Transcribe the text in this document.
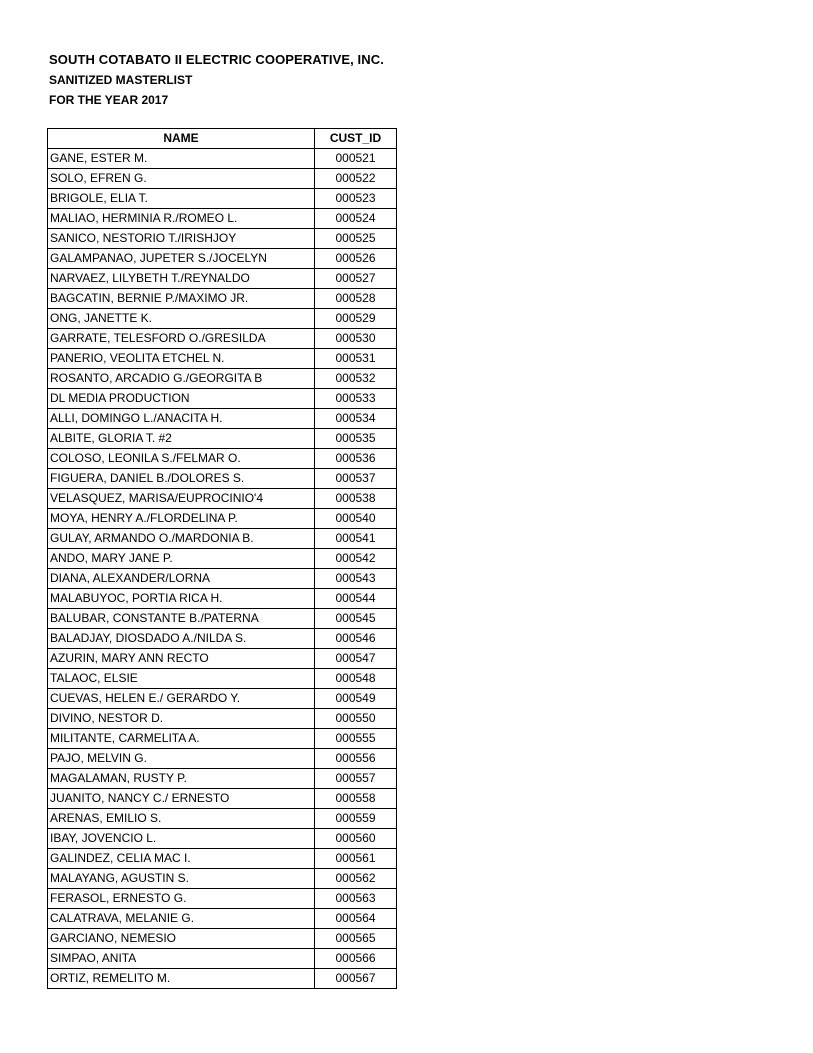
SOUTH COTABATO II ELECTRIC COOPERATIVE, INC.
SANITIZED MASTERLIST
FOR THE YEAR 2017
NAME	CUST_ID
GANE, ESTER M.	000521
SOLO, EFREN G.	000522
BRIGOLE, ELIA T.	000523
MALIAO, HERMINIA R./ROMEO L.	000524
SANICO, NESTORIO T./IRISHJOY	000525
GALAMPANAO, JUPETER S./JOCELYN	000526
NARVAEZ, LILYBETH T./REYNALDO	000527
BAGCATIN, BERNIE P./MAXIMO JR.	000528
ONG, JANETTE K.	000529
GARRATE, TELESFORD O./GRESILDA	000530
PANERIO, VEOLITA ETCHEL N.	000531
ROSANTO, ARCADIO G./GEORGITA B	000532
DL MEDIA PRODUCTION	000533
ALLI, DOMINGO L./ANACITA H.	000534
ALBITE, GLORIA T. #2	000535
COLOSO, LEONILA S./FELMAR O.	000536
FIGUERA, DANIEL B./DOLORES S.	000537
VELASQUEZ, MARISA/EUPROCINIO'4	000538
MOYA, HENRY A./FLORDELINA P.	000540
GULAY, ARMANDO O./MARDONIA B.	000541
ANDO, MARY JANE P.	000542
DIANA, ALEXANDER/LORNA	000543
MALABUYOC, PORTIA RICA H.	000544
BALUBAR, CONSTANTE B./PATERNA	000545
BALADJAY, DIOSDADO A./NILDA S.	000546
AZURIN, MARY ANN RECTO	000547
TALAOC, ELSIE	000548
CUEVAS, HELEN E./ GERARDO Y.	000549
DIVINO, NESTOR D.	000550
MILITANTE, CARMELITA A.	000555
PAJO, MELVIN G.	000556
MAGALAMAN, RUSTY P.	000557
JUANITO, NANCY C./ ERNESTO	000558
ARENAS, EMILIO S.	000559
IBAY, JOVENCIO L.	000560
GALINDEZ, CELIA MAC I.	000561
MALAYANG, AGUSTIN S.	000562
FERASOL, ERNESTO G.	000563
CALATRAVA, MELANIE G.	000564
GARCIANO, NEMESIO	000565
SIMPAO, ANITA	000566
ORTIZ, REMELITO M.	000567
